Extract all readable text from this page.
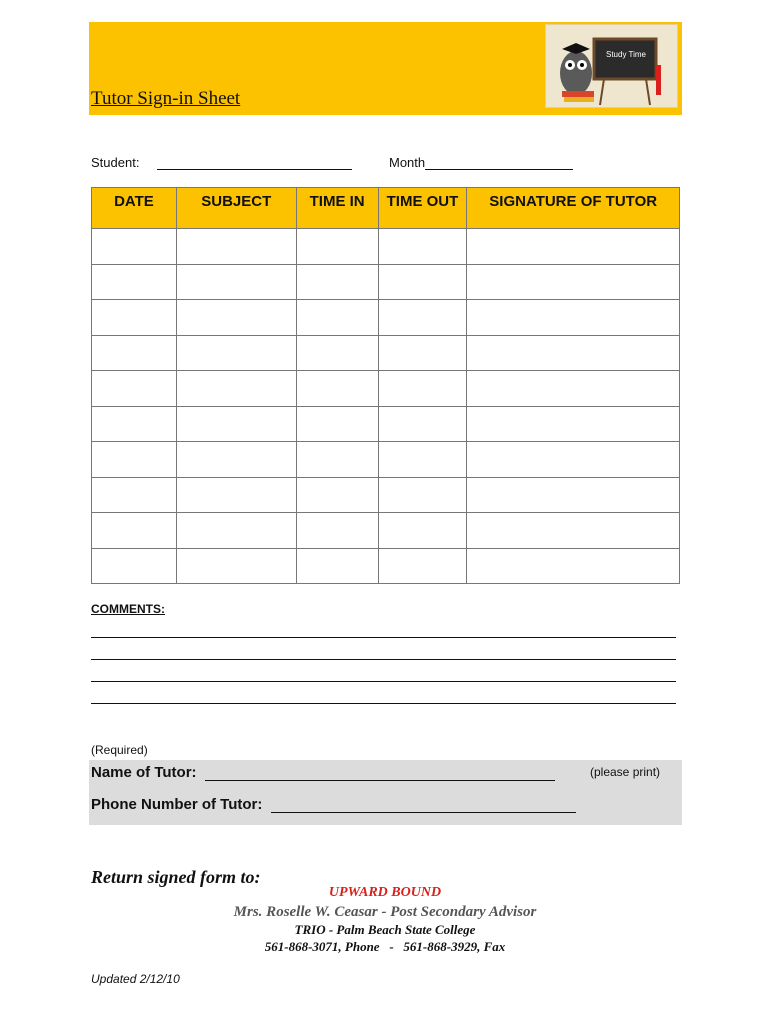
Tutor Sign-in Sheet
Study Time
Student:	Month
DATE	SUBJECT	TIME IN	TIME OUT	SIGNATURE OF TUTOR

COMMENTS:
(Required)
Name of Tutor:	(please print)
Phone Number of Tutor:
Return signed form to:
UPWARD BOUND
Mrs. Roselle W. Ceasar - Post Secondary Advisor
TRIO - Palm Beach State College
561-868-3071, Phone   -   561-868-3929, Fax
Updated 2/12/10
